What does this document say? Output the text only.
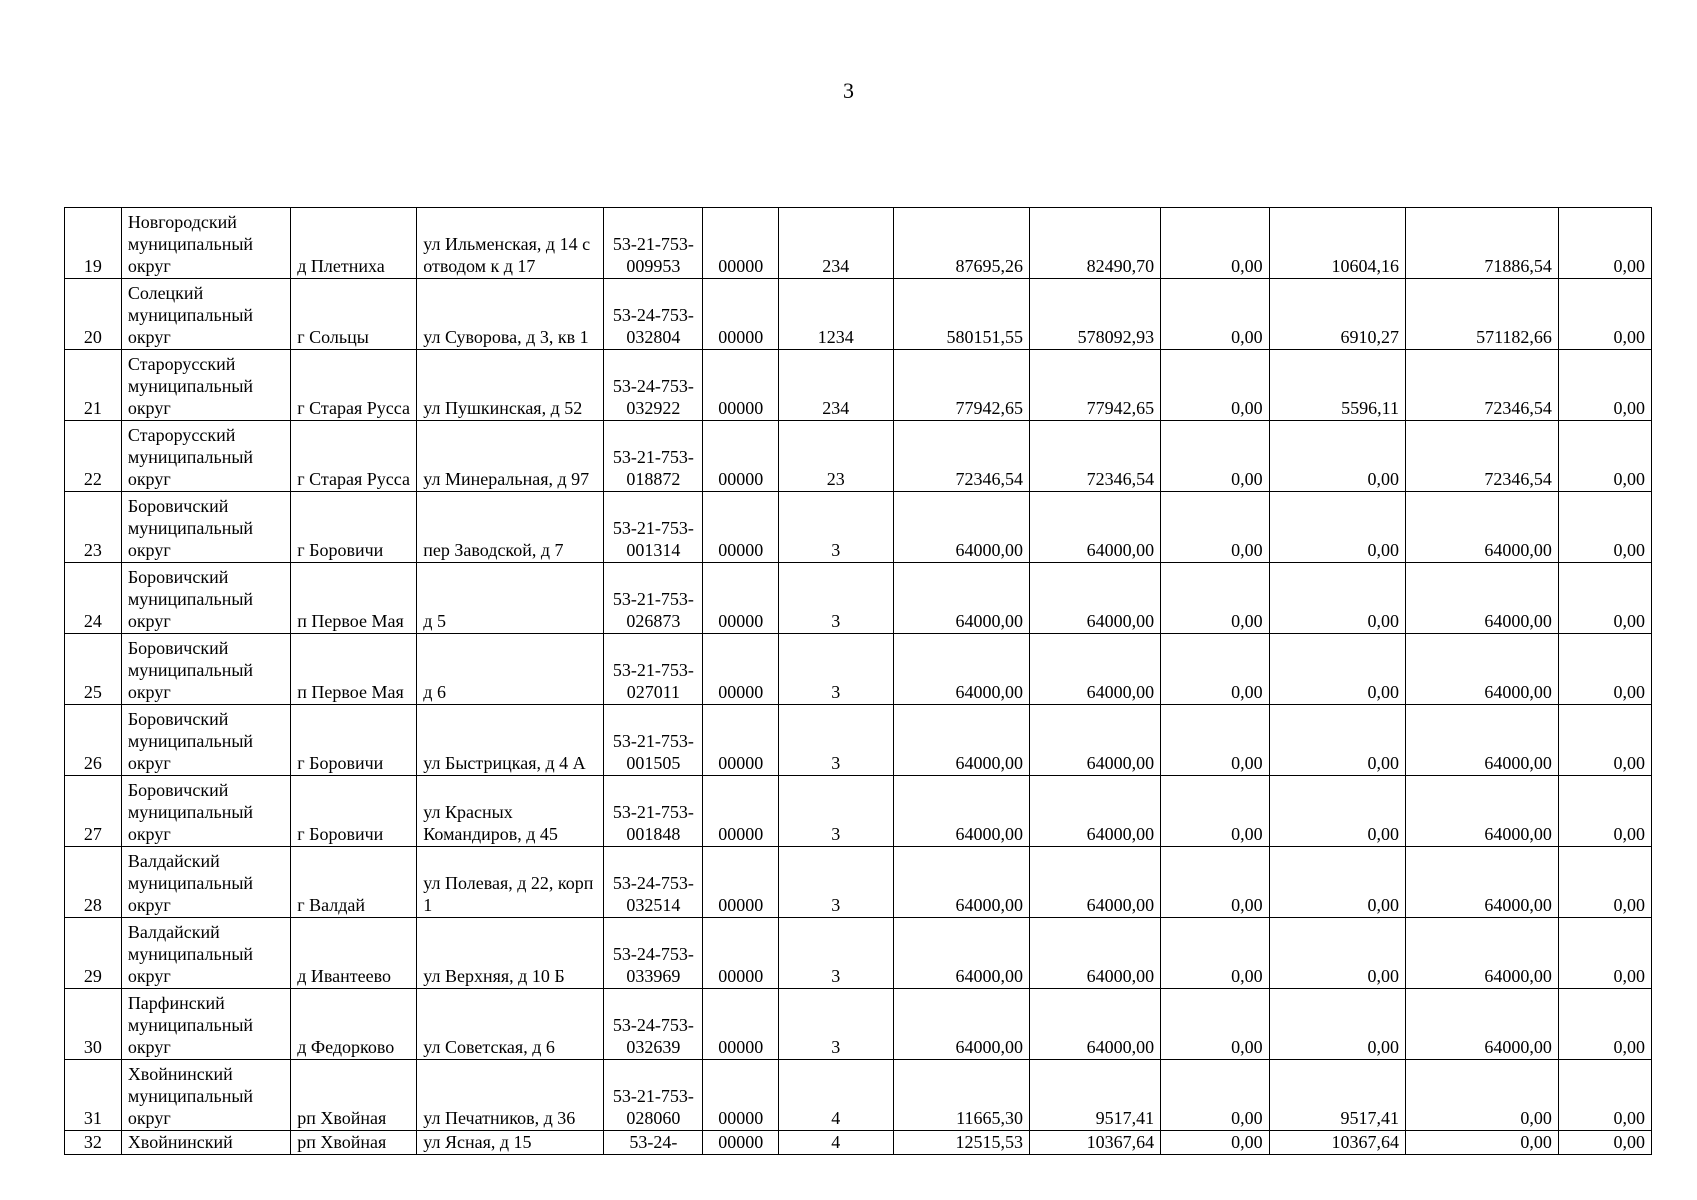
3
19	Новгородский муниципальный округ	д Плетниха	ул Ильменская, д 14 с отводом к д 17	53-21-753-009953	00000	234	87695,26	82490,70	0,00	10604,16	71886,54	0,00
20	Солецкий муниципальный округ	г Сольцы	ул Суворова, д 3, кв 1	53-24-753-032804	00000	1234	580151,55	578092,93	0,00	6910,27	571182,66	0,00
21	Старорусский муниципальный округ	г Старая Русса	ул Пушкинская, д 52	53-24-753-032922	00000	234	77942,65	77942,65	0,00	5596,11	72346,54	0,00
22	Старорусский муниципальный округ	г Старая Русса	ул Минеральная, д 97	53-21-753-018872	00000	23	72346,54	72346,54	0,00	0,00	72346,54	0,00
23	Боровичский муниципальный округ	г Боровичи	пер Заводской, д 7	53-21-753-001314	00000	3	64000,00	64000,00	0,00	0,00	64000,00	0,00
24	Боровичский муниципальный округ	п Первое Мая	д 5	53-21-753-026873	00000	3	64000,00	64000,00	0,00	0,00	64000,00	0,00
25	Боровичский муниципальный округ	п Первое Мая	д 6	53-21-753-027011	00000	3	64000,00	64000,00	0,00	0,00	64000,00	0,00
26	Боровичский муниципальный округ	г Боровичи	ул Быстрицкая, д 4 А	53-21-753-001505	00000	3	64000,00	64000,00	0,00	0,00	64000,00	0,00
27	Боровичский муниципальный округ	г Боровичи	ул Красных Командиров, д 45	53-21-753-001848	00000	3	64000,00	64000,00	0,00	0,00	64000,00	0,00
28	Валдайский муниципальный округ	г Валдай	ул Полевая, д 22, корп 1	53-24-753-032514	00000	3	64000,00	64000,00	0,00	0,00	64000,00	0,00
29	Валдайский муниципальный округ	д Ивантеево	ул Верхняя, д 10 Б	53-24-753-033969	00000	3	64000,00	64000,00	0,00	0,00	64000,00	0,00
30	Парфинский муниципальный округ	д Федорково	ул Советская, д 6	53-24-753-032639	00000	3	64000,00	64000,00	0,00	0,00	64000,00	0,00
31	Хвойнинский муниципальный округ	рп Хвойная	ул Печатников, д 36	53-21-753-028060	00000	4	11665,30	9517,41	0,00	9517,41	0,00	0,00
32	Хвойнинский	рп Хвойная	ул Ясная, д 15	53-24-	00000	4	12515,53	10367,64	0,00	10367,64	0,00	0,00
